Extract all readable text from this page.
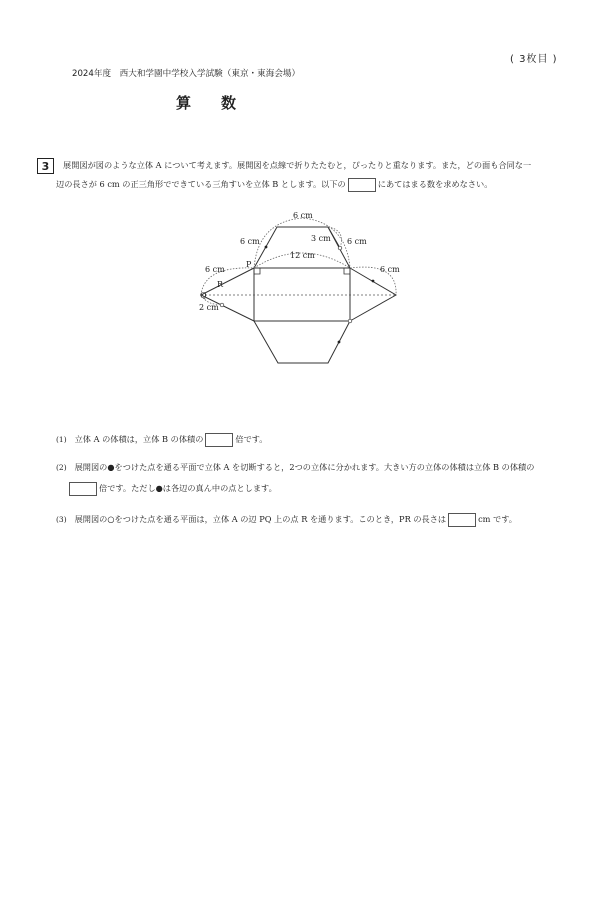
( 3枚目 )
2024年度　西大和学園中学校入学試験（東京・東海会場）
算数
3	展開図が図のような立体 A について考えます。展開図を点線で折りたたむと，ぴったりと重なります。また，どの面も合同な一
辺の長さが 6 cm の正三角形でできている三角すいを立体 B とします。以下の	にあてはまる数を求めなさい。
6 cm
6 cm	3 cm 6 cm
12 cm
6 cm	6 cm
2 cm
P
Q
R
(1) 立体 A の体積は，立体 B の体積の	倍です。
(2) 展開図の●をつけた点を通る平面で立体 A を切断すると，2つの立体に分かれます。大きい方の立体の体積は立体 B の体積の
倍です。ただし●は各辺の真ん中の点とします。
(3) 展開図の○をつけた点を通る平面は，立体 A の辺 PQ 上の点 R を通ります。このとき，PR の長さは	cm です。
